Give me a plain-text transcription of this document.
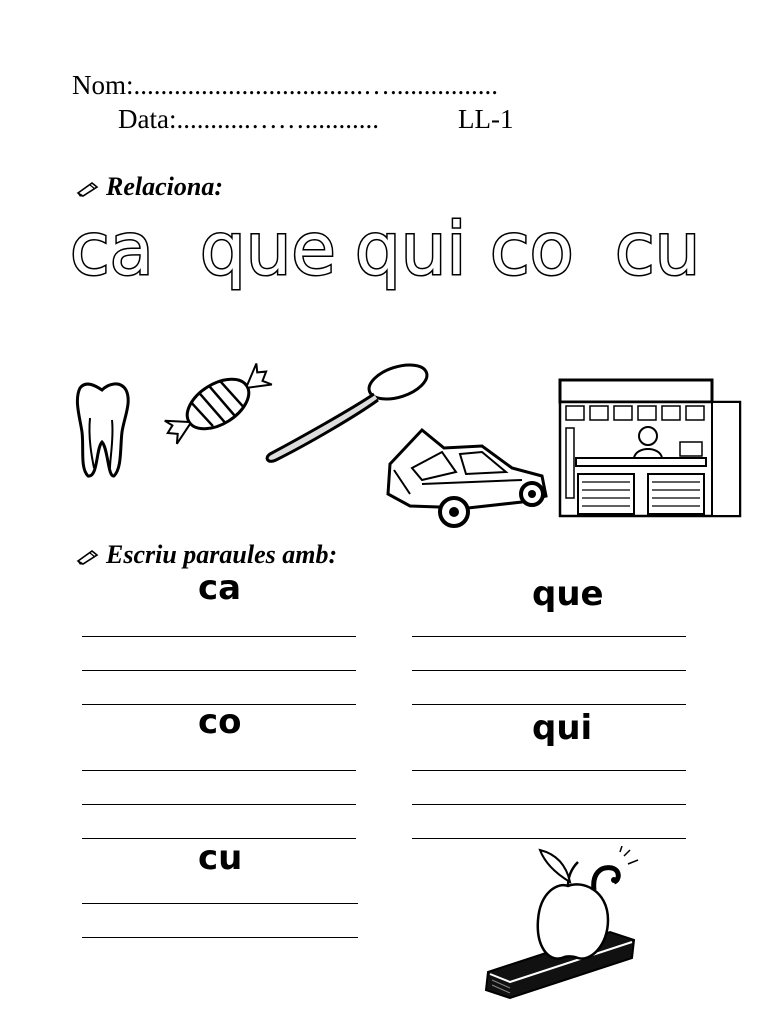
Nom:..................................…................
Data:...........……...........	LL-1
Relaciona:
ca que qui co cu
Escriu paraules amb:
ca	que
co	qui
cu
